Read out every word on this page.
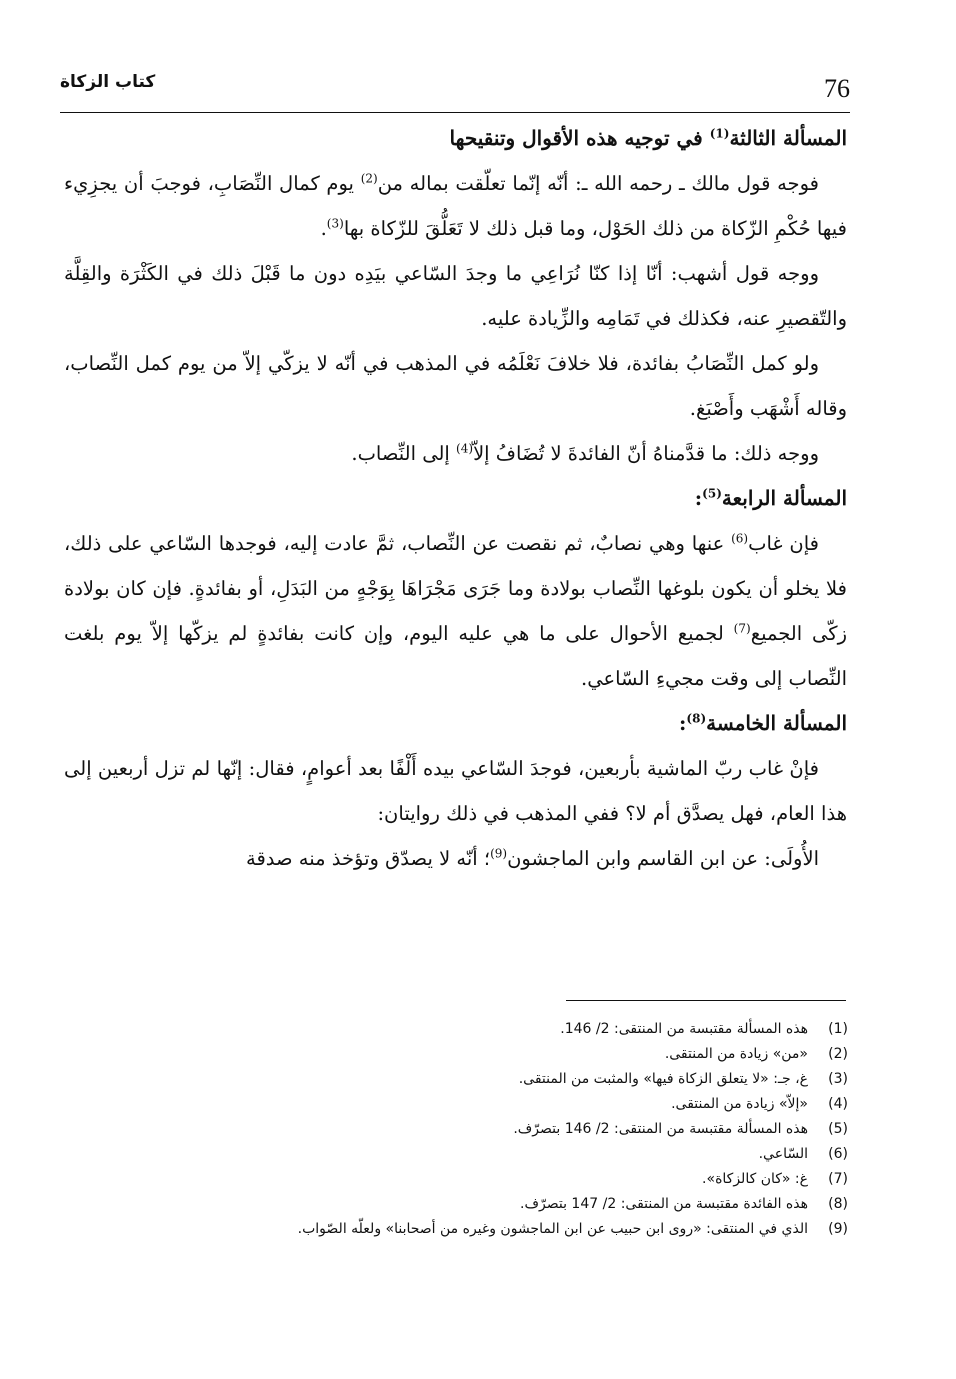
كتاب الزكاة	76
المسألة الثالثة$^{(1)}$ في توجيه هذه الأقوال وتنقيحها

فوجه قول مالك ـ رحمه الله ـ: أنّه إنّما تعلّقت بماله من$^{(2)}$ يوم كمال النِّصَابِ، فوجبَ أن يجزِيء فيها حُكْمِ الزّكاة من ذلك الحَوْل، وما قبل ذلك لا تَعَلُّقَ للزّكاة بها$^{(3)}$.

ووجه قول أشهب: أنّا إذا كنّا نُرَاعِي ما وجدَ السّاعي بيَدِه دون ما قَبْلَ ذلك في الكَثْرَة والقِلَّة والتّقصيرِ عنه، فكذلك في تَمَامِه والزِّيادة عليه.

ولو كمل النِّصَابُ بفائدة، فلا خلافَ نَعْلَمُه في المذهب في أنّه لا يزكّي إلاّ من يوم كمل النِّصاب، وقاله أَشْهَب وأَصْبَغ.

ووجه ذلك: ما قدَّمناهُ أنّ الفائدةَ لا تُضَافُ إلاّ$^{(4)}$ إلى النِّصاب.

المسألة الرابعة$^{(5)}$:

فإن غاب$^{(6)}$ عنها وهي نصابٌ، ثم نقصت عن النِّصاب، ثمَّ عادت إليه، فوجدها السّاعي على ذلك، فلا يخلو أن يكون بلوغها النِّصاب بولادة وما جَرَى مَجْرَاهَا بِوَجْهٍ من البَدَلِ، أو بفائدةٍ. فإن كان بولادة زكّى الجميع$^{(7)}$ لجميع الأحوال على ما هي عليه اليوم، وإن كانت بفائدةٍ لم يزكّها إلاّ يوم بلغت النِّصاب إلى وقت مجيءِ السّاعي.

المسألة الخامسة$^{(8)}$:

فإنْ غاب ربّ الماشية بأربعين، فوجدَ السّاعي بيده أَلْفًا بعد أعوامٍ، فقال: إنّها لم تزل أربعين إلى هذا العام، فهل يصدَّق أم لا؟ ففي المذهب في ذلك روايتان:

الأُولَى: عن ابن القاسم وابن الماجشون$^{(9)}$؛ أنّه لا يصدّق وتؤخذ منه صدقة

(1)
هذه المسألة مقتبسة من المنتقى: 2/ 146.
(2)
«من» زيادة من المنتقى.
(3)
غ، جـ: «لا يتعلق الزكاة فيها» والمثبت من المنتقى.
(4)
«إلاّ» زيادة من المنتقى.
(5)
هذه المسألة مقتبسة من المنتقى: 2/ 146 بتصرّف.
(6)
السّاعي.
(7)
غ: «كان كالزكاة».
(8)
هذه الفائدة مقتبسة من المنتقى: 2/ 147 بتصرّف.
(9)
الذي في المنتقى: «روى ابن حبيب عن ابن الماجشون وغيره من أصحابنا» ولعلّه الصّواب.
